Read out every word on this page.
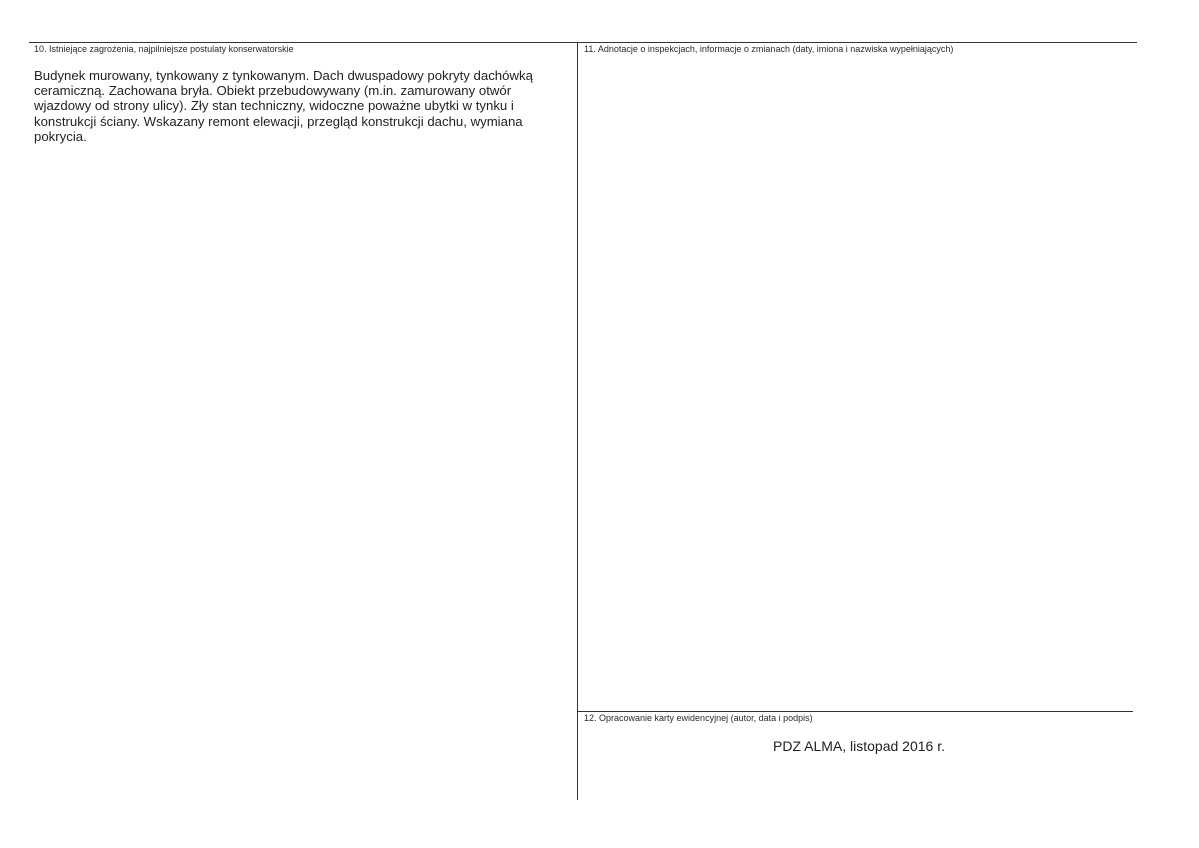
10. Istniejące zagrożenia, najpilniejsze postulaty konserwatorskie
Budynek murowany, tynkowany z tynkowanym. Dach dwuspadowy pokryty dachówką ceramiczną. Zachowana bryła. Obiekt przebudowywany (m.in. zamurowany otwór wjazdowy od strony ulicy). Zły stan techniczny, widoczne poważne ubytki w tynku i konstrukcji ściany. Wskazany remont elewacji, przegląd konstrukcji dachu, wymiana pokrycia.
11. Adnotacje o inspekcjach, informacje o zmianach (daty, imiona i nazwiska wypełniających)
12. Opracowanie karty ewidencyjnej (autor, data i podpis)
PDZ ALMA, listopad 2016 r.
